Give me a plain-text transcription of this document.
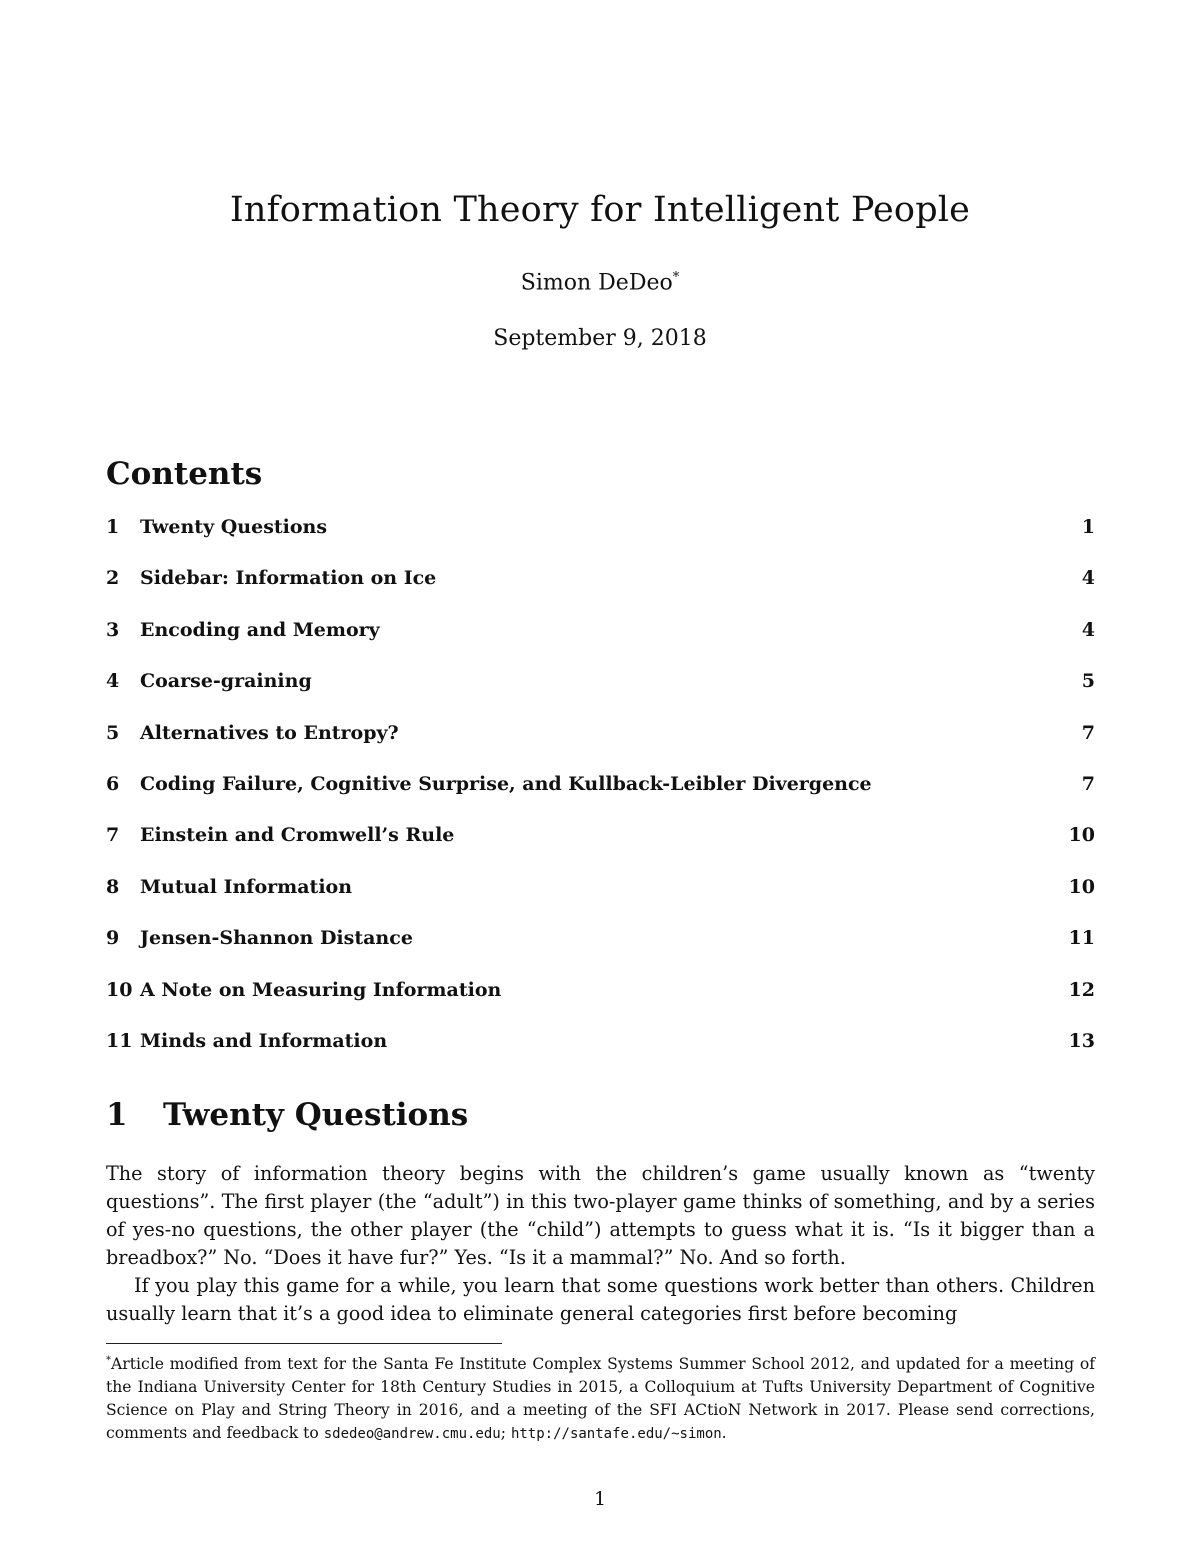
Information Theory for Intelligent People
Simon DeDeo*
September 9, 2018
Contents
1 Twenty Questions	1
2 Sidebar: Information on Ice	4
3 Encoding and Memory	4
4 Coarse-graining	5
5 Alternatives to Entropy?	7
6 Coding Failure, Cognitive Surprise, and Kullback-Leibler Divergence	7
7 Einstein and Cromwell’s Rule	10
8 Mutual Information	10
9 Jensen-Shannon Distance	11
10 A Note on Measuring Information	12
11 Minds and Information	13
1 Twenty Questions

The story of information theory begins with the children’s game usually known as “twenty questions”. The first player (the “adult”) in this two-player game thinks of something, and by a series of yes-no questions, the other player (the “child”) attempts to guess what it is. “Is it bigger than a breadbox?” No. “Does it have fur?” Yes. “Is it a mammal?” No. And so forth.

If you play this game for a while, you learn that some questions work better than others. Children usually learn that it’s a good idea to eliminate general categories first before becoming

*Article modified from text for the Santa Fe Institute Complex Systems Summer School 2012, and updated for a meeting of the Indiana University Center for 18th Century Studies in 2015, a Colloquium at Tufts University Department of Cognitive Science on Play and String Theory in 2016, and a meeting of the SFI ACtioN Network in 2017. Please send corrections, comments and feedback to sdedeo@andrew.cmu.edu; http://santafe.edu/~simon.
1
